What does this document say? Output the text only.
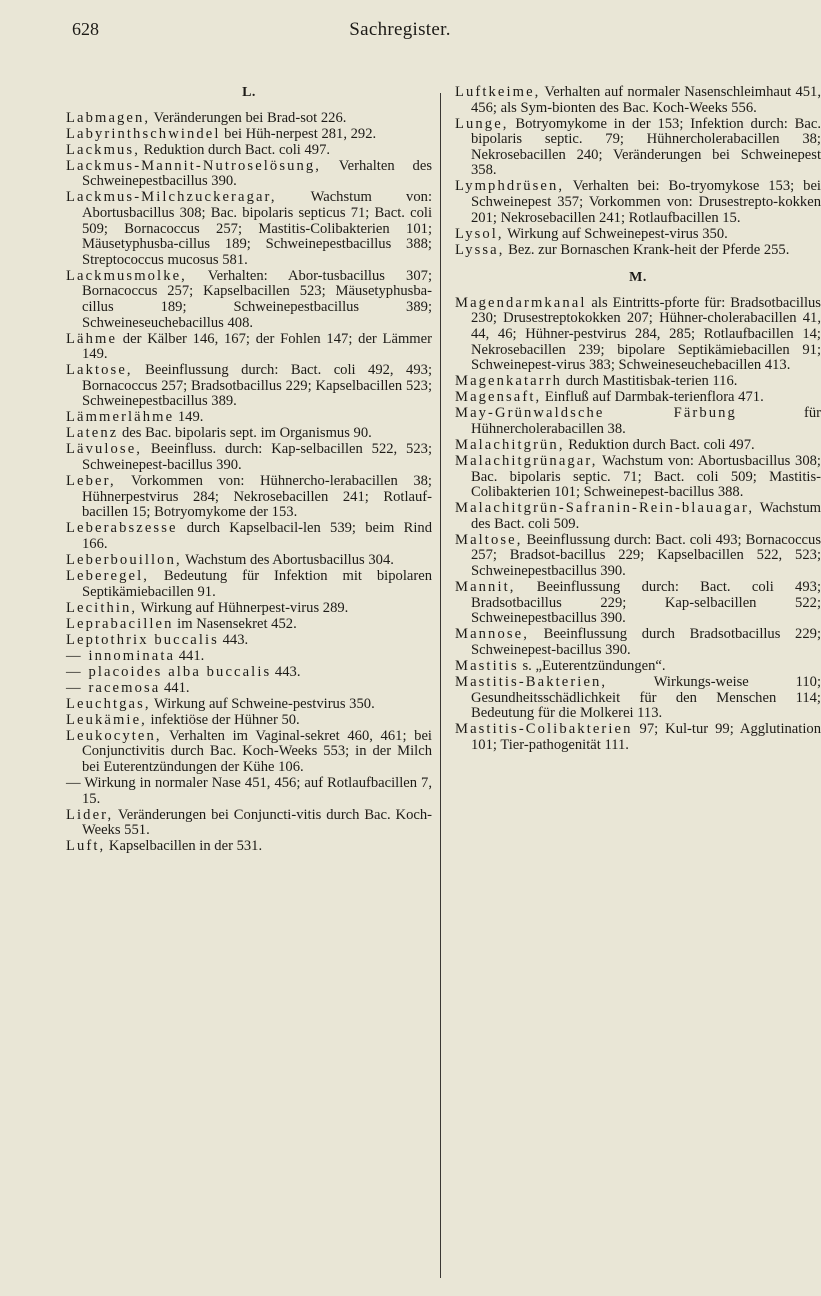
628	Sachregister.
L.

Labmagen, Veränderungen bei Brad-sot 226.

Labyrinthschwindel bei Hüh-nerpest 281, 292.

Lackmus, Reduktion durch Bact. coli 497.

Lackmus-Mannit-Nutroselösung, Verhalten des Schweinepestbacillus 390.

Lackmus-Milchzuckeragar, Wachstum von: Abortusbacillus 308; Bac. bipolaris septicus 71; Bact. coli 509; Bornacoccus 257; Mastitis-Colibakterien 101; Mäusetyphusba-cillus 189; Schweinepestbacillus 388; Streptococcus mucosus 581.

Lackmusmolke, Verhalten: Abor-tusbacillus 307; Bornacoccus 257; Kapselbacillen 523; Mäusetyphusba-cillus 189; Schweinepestbacillus 389; Schweineseuchebacillus 408.

Lähme der Kälber 146, 167; der Fohlen 147; der Lämmer 149.

Laktose, Beeinflussung durch: Bact. coli 492, 493; Bornacoccus 257; Bradsotbacillus 229; Kapselbacillen 523; Schweinepestbacillus 389.

Lämmerlähme 149.

Latenz des Bac. bipolaris sept. im Organismus 90.

Lävulose, Beeinfluss. durch: Kap-selbacillen 522, 523; Schweinepest-bacillus 390.

Leber, Vorkommen von: Hühnercho-lerabacillen 38; Hühnerpestvirus 284; Nekrosebacillen 241; Rotlauf-bacillen 15; Botryomykome der 153.

Leberabszesse durch Kapselbacil-len 539; beim Rind 166.

Leberbouillon, Wachstum des Abortusbacillus 304.

Leberegel, Bedeutung für Infektion mit bipolaren Septikämiebacillen 91.

Lecithin, Wirkung auf Hühnerpest-virus 289.

Leprabacillen im Nasensekret 452.

Leptothrix buccalis 443.

— innominata 441.

— placoides alba buccalis 443.

— racemosa 441.

Leuchtgas, Wirkung auf Schweine-pestvirus 350.

Leukämie, infektiöse der Hühner 50.

Leukocyten, Verhalten im Vaginal-sekret 460, 461; bei Conjunctivitis durch Bac. Koch-Weeks 553; in der Milch bei Euterentzündungen der Kühe 106.

— Wirkung in normaler Nase 451, 456; auf Rotlaufbacillen 7, 15.

Lider, Veränderungen bei Conjuncti-vitis durch Bac. Koch-Weeks 551.

Luft, Kapselbacillen in der 531.

Luftkeime, Verhalten auf normaler Nasenschleimhaut 451, 456; als Sym-bionten des Bac. Koch-Weeks 556.

Lunge, Botryomykome in der 153; Infektion durch: Bac. bipolaris septic. 79; Hühnercholerabacillen 38; Nekrosebacillen 240; Veränderungen bei Schweinepest 358.

Lymphdrüsen, Verhalten bei: Bo-tryomykose 153; bei Schweinepest 357; Vorkommen von: Drusestrepto-kokken 201; Nekrosebacillen 241; Rotlaufbacillen 15.

Lysol, Wirkung auf Schweinepest-virus 350.

Lyssa, Bez. zur Bornaschen Krank-heit der Pferde 255.

M.

Magendarmkanal als Eintritts-pforte für: Bradsotbacillus 230; Drusestreptokokken 207; Hühner-cholerabacillen 41, 44, 46; Hühner-pestvirus 284, 285; Rotlaufbacillen 14; Nekrosebacillen 239; bipolare Septikämiebacillen 91; Schweinepest-virus 383; Schweineseuchebacillen 413.

Magenkatarrh durch Mastitisbak-terien 116.

Magensaft, Einfluß auf Darmbak-terienflora 471.

May-Grünwaldsche Färbung für Hühnercholerabacillen 38.

Malachitgrün, Reduktion durch Bact. coli 497.

Malachitgrünagar, Wachstum von: Abortusbacillus 308; Bac. bipolaris septic. 71; Bact. coli 509; Mastitis-Colibakterien 101; Schweinepest-bacillus 388.

Malachitgrün-Safranin-Rein-blauagar, Wachstum des Bact. coli 509.

Maltose, Beeinflussung durch: Bact. coli 493; Bornacoccus 257; Bradsot-bacillus 229; Kapselbacillen 522, 523; Schweinepestbacillus 390.

Mannit, Beeinflussung durch: Bact. coli 493; Bradsotbacillus 229; Kap-selbacillen 522; Schweinepestbacillus 390.

Mannose, Beeinflussung durch Bradsotbacillus 229; Schweinepest-bacillus 390.

Mastitis s. „Euterentzündungen“.

Mastitis-Bakterien, Wirkungs-weise 110; Gesundheitsschädlichkeit für den Menschen 114; Bedeutung für die Molkerei 113.

Mastitis-Colibakterien 97; Kul-tur 99; Agglutination 101; Tier-pathogenität 111.
